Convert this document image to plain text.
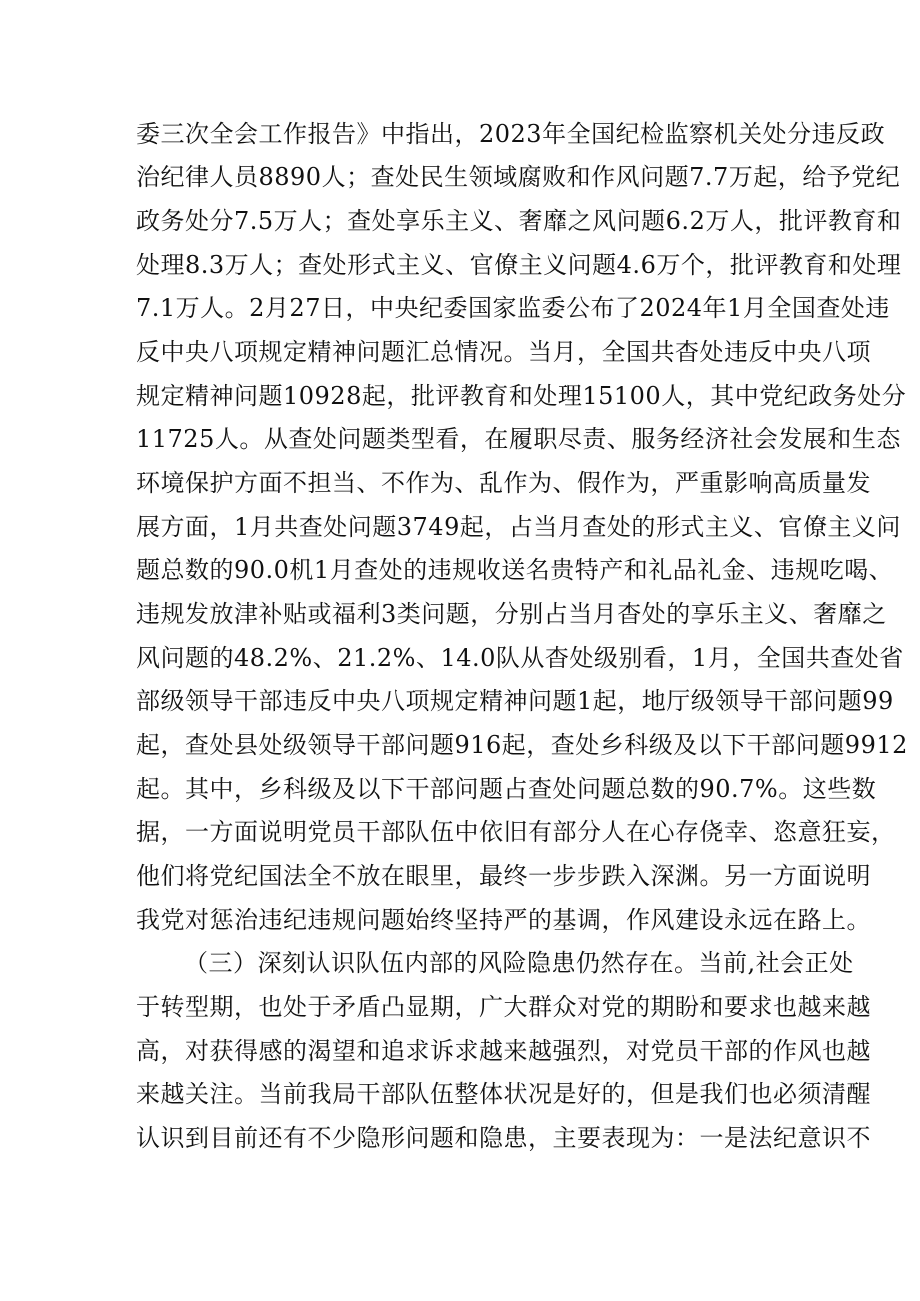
委三次全会工作报告》中指出，2023年全国纪检监察机关处分违反政
治纪律人员8890人；查处民生领域腐败和作风问题7.7万起，给予党纪
政务处分7.5万人；查处享乐主义、奢靡之风问题6.2万人，批评教育和
处理8.3万人；查处形式主义、官僚主义问题4.6万个，批评教育和处理
7.1万人。2月27日，中央纪委国家监委公布了2024年1月全国查处违
反中央八项规定精神问题汇总情况。当月，全国共杳处违反中央八项
规定精神问题10928起，批评教育和处理15100人，其中党纪政务处分
11725人。从查处问题类型看，在履职尽责、服务经济社会发展和生态
环境保护方面不担当、不作为、乱作为、假作为，严重影响高质量发
展方面，1月共查处问题3749起，占当月查处的形式主义、官僚主义问
题总数的90.0机1月查处的违规收送名贵特产和礼品礼金、违规吃喝、
违规发放津补贴或福利3类问题，分别占当月杳处的享乐主义、奢靡之
风问题的48.2%、21.2%、14.0队从杳处级别看，1月，全国共查处省
部级领导干部违反中央八项规定精神问题1起，地厅级领导干部问题99
起，查处县处级领导干部问题916起，查处乡科级及以下干部问题9912
起。其中，乡科级及以下干部问题占查处问题总数的90.7%。这些数
据，一方面说明党员干部队伍中依旧有部分人在心存侥幸、恣意狂妄，
他们将党纪国法全不放在眼里，最终一步步跌入深渊。另一方面说明
我党对惩治违纪违规问题始终坚持严的基调，作风建设永远在路上。
（三）深刻认识队伍内部的风险隐患仍然存在。当前,社会正处
于转型期，也处于矛盾凸显期，广大群众对党的期盼和要求也越来越
高，对获得感的渴望和追求诉求越来越强烈，对党员干部的作风也越
来越关注。当前我局干部队伍整体状况是好的，但是我们也必须清醒
认识到目前还有不少隐形问题和隐患，主要表现为：一是法纪意识不
